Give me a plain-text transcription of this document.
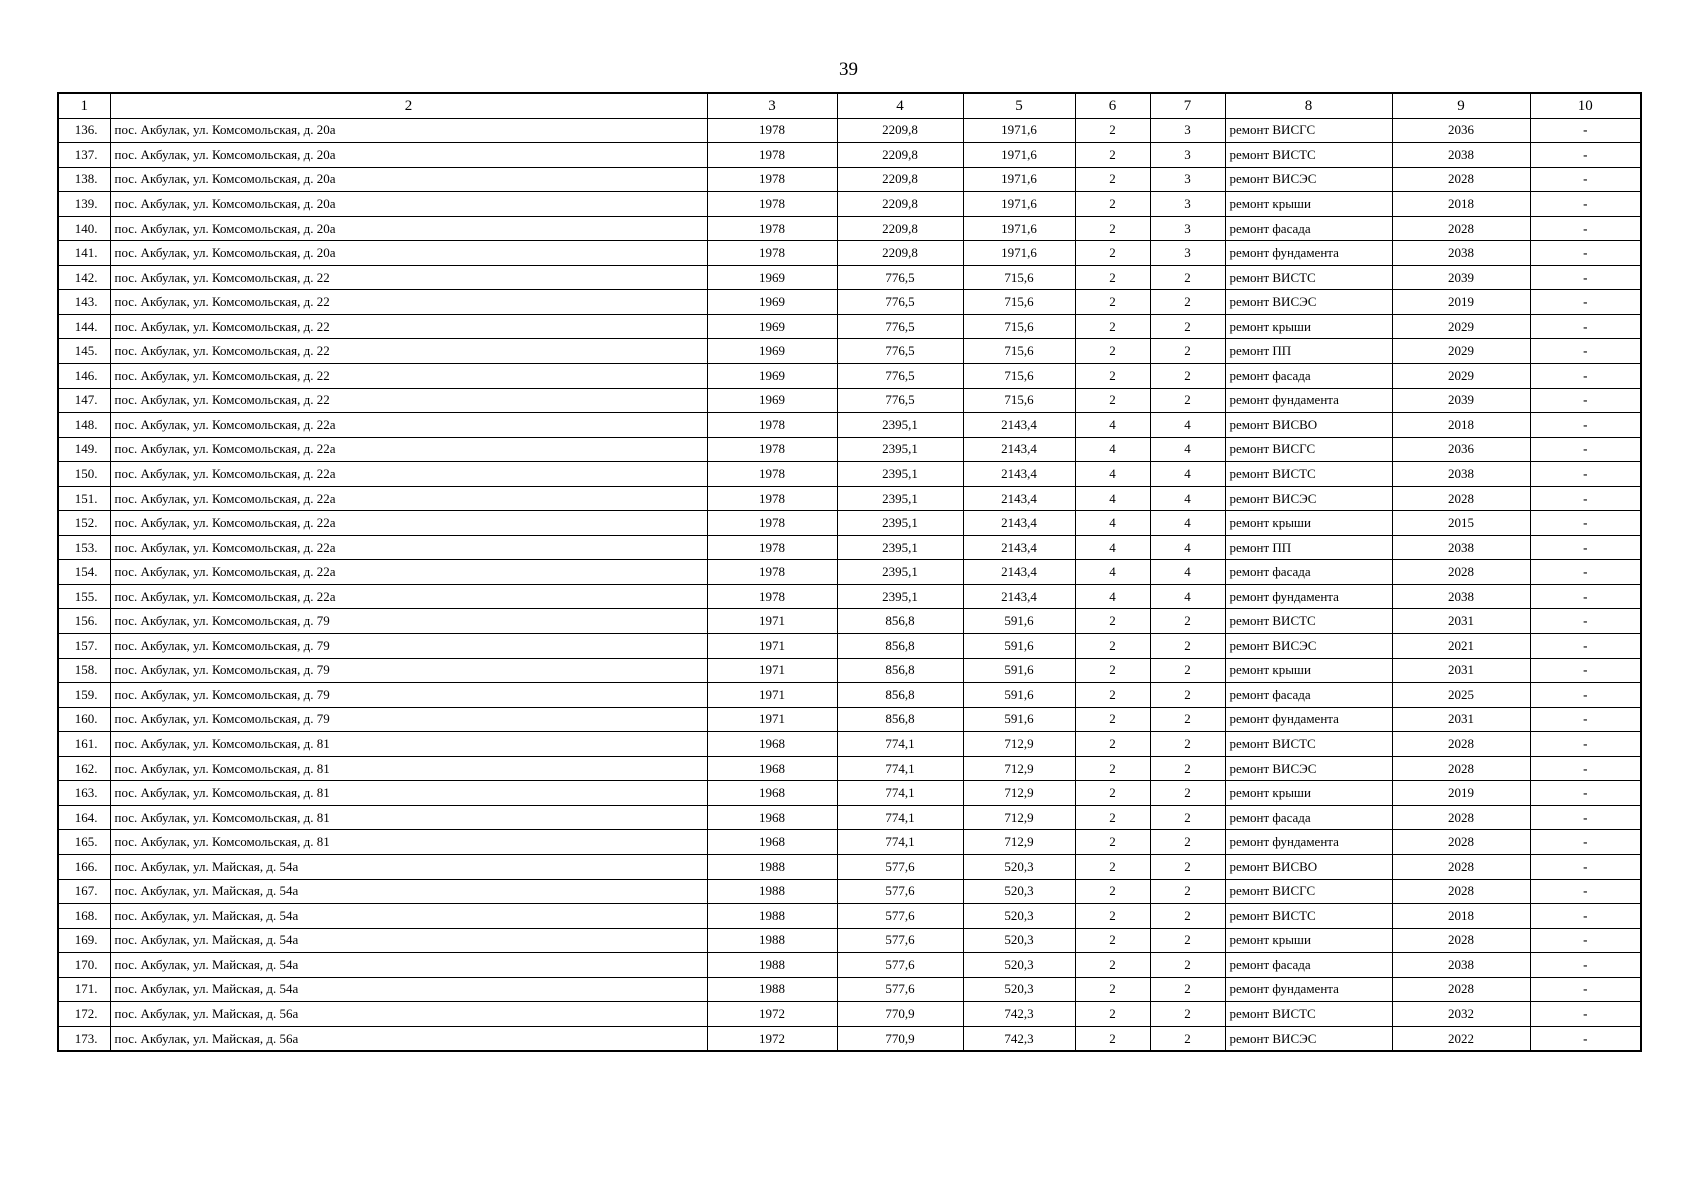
39
1	2	3	4	5	6	7	8	9	10
136.	пос. Акбулак, ул. Комсомольская, д. 20а	1978	2209,8	1971,6	2	3	ремонт ВИСГС	2036	-
137.	пос. Акбулак, ул. Комсомольская, д. 20а	1978	2209,8	1971,6	2	3	ремонт ВИСТС	2038	-
138.	пос. Акбулак, ул. Комсомольская, д. 20а	1978	2209,8	1971,6	2	3	ремонт ВИСЭС	2028	-
139.	пос. Акбулак, ул. Комсомольская, д. 20а	1978	2209,8	1971,6	2	3	ремонт крыши	2018	-
140.	пос. Акбулак, ул. Комсомольская, д. 20а	1978	2209,8	1971,6	2	3	ремонт фасада	2028	-
141.	пос. Акбулак, ул. Комсомольская, д. 20а	1978	2209,8	1971,6	2	3	ремонт фундамента	2038	-
142.	пос. Акбулак, ул. Комсомольская, д. 22	1969	776,5	715,6	2	2	ремонт ВИСТС	2039	-
143.	пос. Акбулак, ул. Комсомольская, д. 22	1969	776,5	715,6	2	2	ремонт ВИСЭС	2019	-
144.	пос. Акбулак, ул. Комсомольская, д. 22	1969	776,5	715,6	2	2	ремонт крыши	2029	-
145.	пос. Акбулак, ул. Комсомольская, д. 22	1969	776,5	715,6	2	2	ремонт ПП	2029	-
146.	пос. Акбулак, ул. Комсомольская, д. 22	1969	776,5	715,6	2	2	ремонт фасада	2029	-
147.	пос. Акбулак, ул. Комсомольская, д. 22	1969	776,5	715,6	2	2	ремонт фундамента	2039	-
148.	пос. Акбулак, ул. Комсомольская, д. 22а	1978	2395,1	2143,4	4	4	ремонт ВИСВО	2018	-
149.	пос. Акбулак, ул. Комсомольская, д. 22а	1978	2395,1	2143,4	4	4	ремонт ВИСГС	2036	-
150.	пос. Акбулак, ул. Комсомольская, д. 22а	1978	2395,1	2143,4	4	4	ремонт ВИСТС	2038	-
151.	пос. Акбулак, ул. Комсомольская, д. 22а	1978	2395,1	2143,4	4	4	ремонт ВИСЭС	2028	-
152.	пос. Акбулак, ул. Комсомольская, д. 22а	1978	2395,1	2143,4	4	4	ремонт крыши	2015	-
153.	пос. Акбулак, ул. Комсомольская, д. 22а	1978	2395,1	2143,4	4	4	ремонт ПП	2038	-
154.	пос. Акбулак, ул. Комсомольская, д. 22а	1978	2395,1	2143,4	4	4	ремонт фасада	2028	-
155.	пос. Акбулак, ул. Комсомольская, д. 22а	1978	2395,1	2143,4	4	4	ремонт фундамента	2038	-
156.	пос. Акбулак, ул. Комсомольская, д. 79	1971	856,8	591,6	2	2	ремонт ВИСТС	2031	-
157.	пос. Акбулак, ул. Комсомольская, д. 79	1971	856,8	591,6	2	2	ремонт ВИСЭС	2021	-
158.	пос. Акбулак, ул. Комсомольская, д. 79	1971	856,8	591,6	2	2	ремонт крыши	2031	-
159.	пос. Акбулак, ул. Комсомольская, д. 79	1971	856,8	591,6	2	2	ремонт фасада	2025	-
160.	пос. Акбулак, ул. Комсомольская, д. 79	1971	856,8	591,6	2	2	ремонт фундамента	2031	-
161.	пос. Акбулак, ул. Комсомольская, д. 81	1968	774,1	712,9	2	2	ремонт ВИСТС	2028	-
162.	пос. Акбулак, ул. Комсомольская, д. 81	1968	774,1	712,9	2	2	ремонт ВИСЭС	2028	-
163.	пос. Акбулак, ул. Комсомольская, д. 81	1968	774,1	712,9	2	2	ремонт крыши	2019	-
164.	пос. Акбулак, ул. Комсомольская, д. 81	1968	774,1	712,9	2	2	ремонт фасада	2028	-
165.	пос. Акбулак, ул. Комсомольская, д. 81	1968	774,1	712,9	2	2	ремонт фундамента	2028	-
166.	пос. Акбулак, ул. Майская, д. 54а	1988	577,6	520,3	2	2	ремонт ВИСВО	2028	-
167.	пос. Акбулак, ул. Майская, д. 54а	1988	577,6	520,3	2	2	ремонт ВИСГС	2028	-
168.	пос. Акбулак, ул. Майская, д. 54а	1988	577,6	520,3	2	2	ремонт ВИСТС	2018	-
169.	пос. Акбулак, ул. Майская, д. 54а	1988	577,6	520,3	2	2	ремонт крыши	2028	-
170.	пос. Акбулак, ул. Майская, д. 54а	1988	577,6	520,3	2	2	ремонт фасада	2038	-
171.	пос. Акбулак, ул. Майская, д. 54а	1988	577,6	520,3	2	2	ремонт фундамента	2028	-
172.	пос. Акбулак, ул. Майская, д. 56а	1972	770,9	742,3	2	2	ремонт ВИСТС	2032	-
173.	пос. Акбулак, ул. Майская, д. 56а	1972	770,9	742,3	2	2	ремонт ВИСЭС	2022	-
